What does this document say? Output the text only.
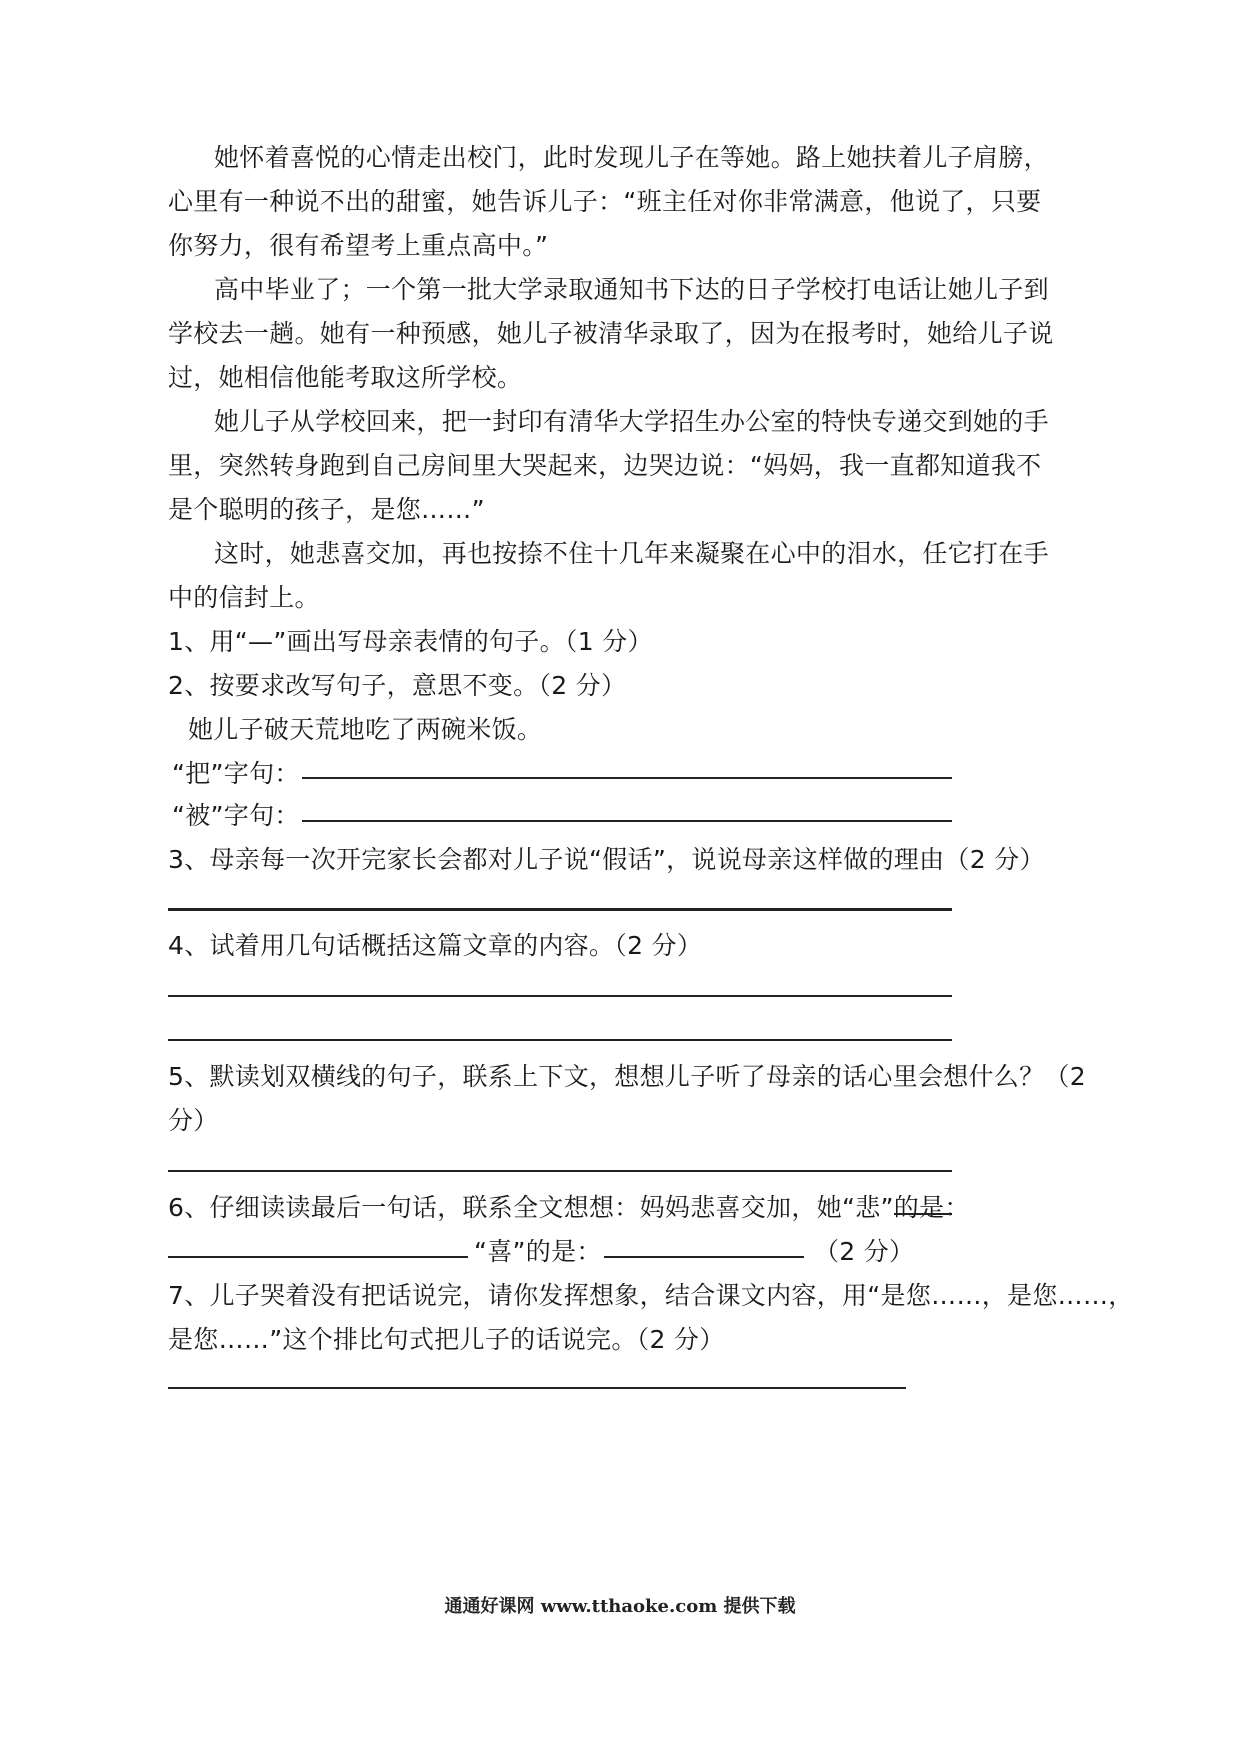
她怀着喜悦的心情走出校门，此时发现儿子在等她。路上她扶着儿子肩膀，
心里有一种说不出的甜蜜，她告诉儿子：“班主任对你非常满意，他说了，只要
你努力，很有希望考上重点高中。”
高中毕业了；一个第一批大学录取通知书下达的日子学校打电话让她儿子到
学校去一趟。她有一种预感，她儿子被清华录取了，因为在报考时，她给儿子说
过，她相信他能考取这所学校。
她儿子从学校回来，把一封印有清华大学招生办公室的特快专递交到她的手
里，突然转身跑到自己房间里大哭起来，边哭边说：“妈妈，我一直都知道我不
是个聪明的孩子，是您……”
这时，她悲喜交加，再也按捺不住十几年来凝聚在心中的泪水，任它打在手
中的信封上。
1、用“—”画出写母亲表情的句子。（1 分）
2、按要求改写句子，意思不变。（2 分）
她儿子破天荒地吃了两碗米饭。
“把”字句：
“被”字句：
3、母亲每一次开完家长会都对儿子说“假话”，说说母亲这样做的理由（2 分）
4、试着用几句话概括这篇文章的内容。（2 分）
5、默读划双横线的句子，联系上下文，想想儿子听了母亲的话心里会想什么？（2
分）
6、仔细读读最后一句话，联系全文想想：妈妈悲喜交加，她“悲”的是：
“喜”的是：	（2 分）
7、儿子哭着没有把话说完，请你发挥想象，结合课文内容，用“是您……，是您……，
是您……”这个排比句式把儿子的话说完。（2 分）
通通好课网 www.tthaoke.com 提供下载
